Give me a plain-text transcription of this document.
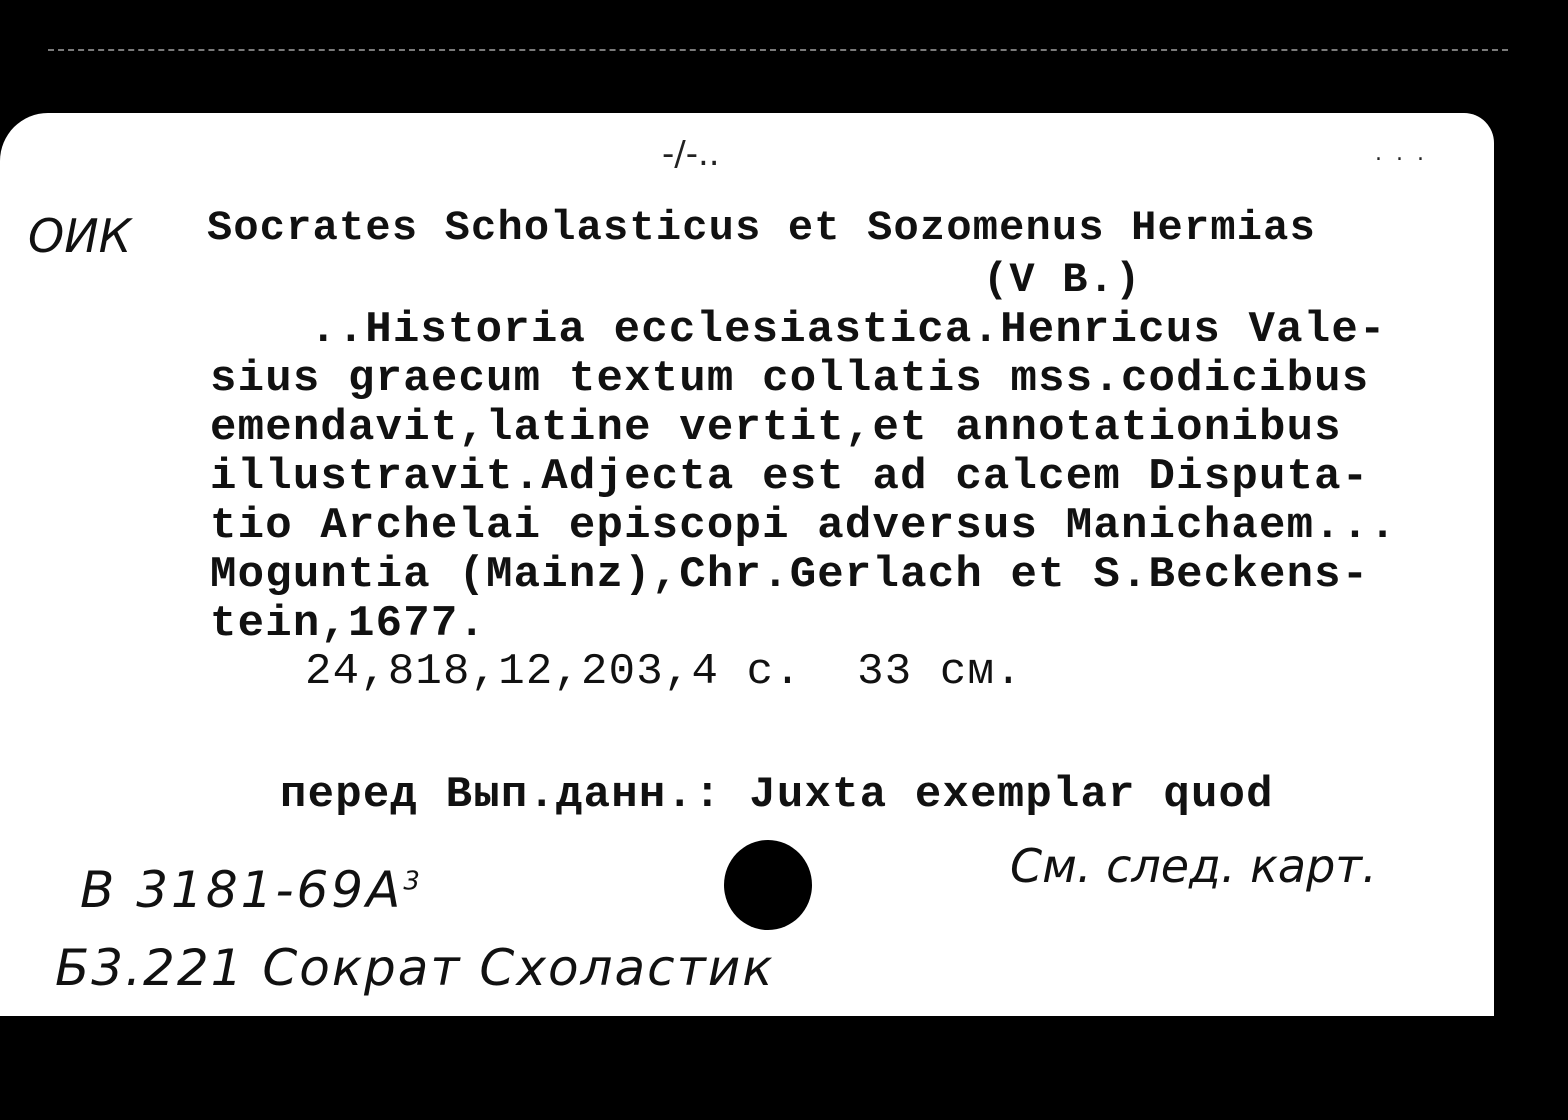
-/-..	...
ОИК Socrates Scholasticus et Sozomenus Hermias
(V B.)
..Historia ecclesiastica.Henricus Vale-
sius graecum textum collatis mss.codicibus
emendavit,latine vertit,et annotationibus
illustravit.Adjecta est ad calcem Disputa-
tio Archelai episcopi adversus Manichaem...
Moguntia (Mainz),Chr.Gerlach et S.Beckens-
tein,1677.
24,818,12,203,4 с.  33 см.
перед Вып.данн.: Juxta exemplar quod
См. след. карт.
В $3181-69А^3$
Б3.221 Сократ Схоластик
